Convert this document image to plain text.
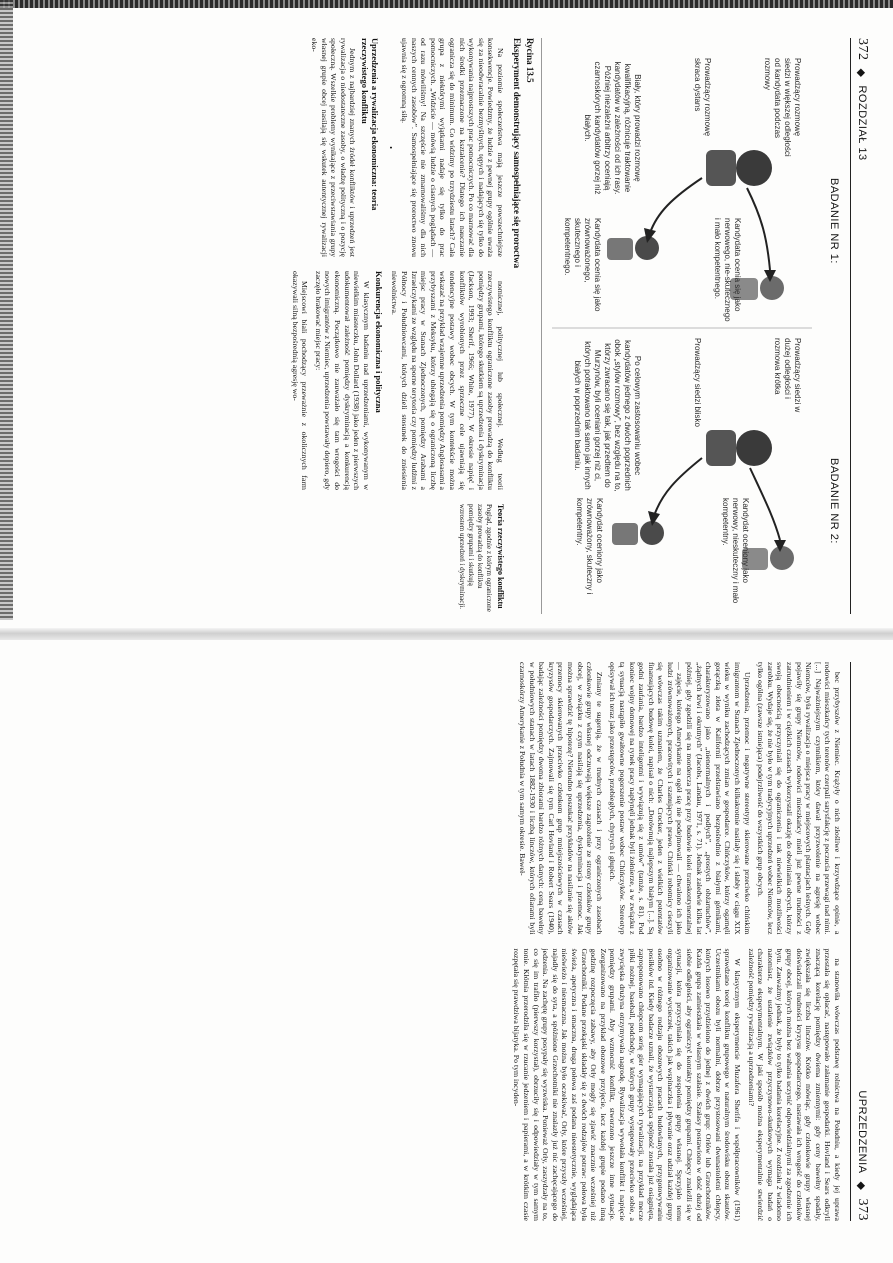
372
◆
ROZDZIAŁ 13
BADANIE NR 1:
BADANIE NR 2:
Prowadzący rozmowę siedzi w większej odległości od kandydata podczas rozmowy
Prowadzący rozmowę skraca dystans
Kandydata ocenia się jako nerwowego, nie-skutecznego i mało kompetentnego.
Kandydata ocenia się jako zrównoważonego, skutecznego i kompetentnego.
Biały, który prowadzi rozmowę kwalifikacyjną, różnicuje traktowanie kandydatów w zależności od ich rasy. Później niezależni arbitrzy oceniają czarnoskórych kandydatów gorzej niż białych.
Prowadzący siedzi w dużej odległości i rozmowa krótka
Prowadzący siedzi blisko
Kandydat oceniony jako nerwowy, nieskuteczny i mało kompetentny.
Kandydat oceniony jako zrównoważony, skuteczny i kompetentny.
Po celowym zastosowaniu wobec kandydatów jednego z dwóch poprzednich obok „stylów rozmowy”, bez względu na to, którzy zwracano się tak, jak przedtem do Murzynów, byli oceniani gorzej niż ci, których potraktowano tak samo jak innych białych w poprzednim badaniu.
Rycina 13.5
Eksperyment demonstrujący samospełniające się proroctwa

Na poziomie społeczeństwa mają jeszcze powszechniejsze konsekwencje. Powiedzmy, że ludzie z pewnej grupy ogólnie uważa się za nieodwracalnie bezmyślnych, tępych i nadających się tylko do wykonywania najprostszych prac pomocniczych. Po co marnować dla nich środki przeznaczone na kształcenie? Dlatego ich nauczanie ogranicza się do minimum. Co widzimy po trzydziestu latach? Cała grupa z niektórymi wyjątkami nadaje się tylko do prac pomocniczych. „Widzicie — mówią ludzie o ciasnych poglądach — od razu mówiliśmy! Na szczęście nie zmarnowaliśmy dla nich naszych cennych zasobów”. Samospełniające się proroctwo znowu ujawnia się z ogromną siłą.

•
Uprzedzenia a rywalizacja ekonomiczna: teoria rzeczywistego konfliktu

Jednym z najbardziej znanych źródeł konfliktów i uprzedzeń jest rywalizacja o niedostateczne zasoby, o władzę polityczną i o pozycję społeczną. Wszelkie problemy wynikające z przeciwstawiania grupy własnej grupie obcej nasilają się wskutek autentycznej rywalizacji eko-

nomicznej, politycznej lub społecznej. Według teorii rzeczywistego konfliktu ograniczone zasoby prowadzą do konfliktu pomiędzy grupami, którego skutkiem są uprzedzenia i dyskryminacja (Jackson, 1993; Sherif, 1966; White, 1977). W okresie napięć i konfliktów wyrobionych przez sprzeczne cele ujawniają się tendencyjne postawy wobec obcych. W tym kontekście można wskazać na przykład wzajemne uprzedzenia pomiędzy Anglosasami a przybyszami z Meksyku, którzy ubiegają się o ograniczoną liczbę miejsc pracy w Stanach Zjednoczonych, pomiędzy Arabami a Izraelczykami ze względu na sporne terytoria czy pomiędzy ludźmi z Północy i Południowcami, których dzieli stosunek do zniesienia niewolnictwa.

Konkurencja ekonomiczna i polityczna

W klasycznym badaniu nad uprzedzeniami, wykonywanym w niewielkim miasteczku, John Dollard (1938) jako jeden z pierwszych udokumentował zależność pomiędzy dyskryminacją a konkurencją ekonomiczną. Początkowo nie zauważało się tam wrogości do nowych imigrantów z Niemiec, uprzedzenia powstawały dopiero, gdy zaczęło brakować miejsc pracy:

Miejscowi biali pochodzący przeważnie z okolicznych farm okazywali silną bezpośrednią agresję wo-

Teoria rzeczywistego konfliktu
Pogląd, zgodnie z którym ograniczone zasoby prowadzą do konfliktu pomiędzy grupami i skutkują wzrostem uprzedzeń i dyskryminacji.
UPRZEDZENIA
◆
373

bec przybyszów z Niemiec. Krążyły o nich złośliwe i krzywdzące opinie, a rodowici mieszkańcy tych terenów czerpali satysfakcję z poczucia przewagi nad nimi. [...] Najważniejszym czynnikiem, który dawał przyzwolenie na agresję wobec Niemców, była rywalizacja o miejsca pracy w miejscowych plantacjach leśnych. Gdy pojawiły się grupy Niemców, rodowici mieszkańcy mieli już pewne trudności z zatrudnieniem i w ciężkich czasach wykorzystali okazję do obwiniania obcych, którzy swoją obecnością przyczyniali się do ograniczenia i tak niewielkich możliwości zarobku. Wydaje się, że nie było w tym tradycyjnych uprzedzeń wobec Niemców, lecz tylko ogólna (zawsze istniejąca) podejrzliwość do wszystkich grup obcych.

Uprzedzenia, przemoc i negatywne stereotypy skierowane przeciwko chińskim imigrantom w Stanach Zjednoczonych kilkakrotnie nasilały się i słabły w ciągu XIX wieku w wyniku zachodzących zmian w gospodarce. Chińczyków, którzy ogarnęli gorączką złota w Kalifornii przedstawiano bezpośrednio z białymi górnikami, charakteryzowano jako „nienormalnych i podłych”, „prostych obżartuchów”, „żądnych krwi i okrutnych” (Jacobs, Landau, 1971, s. 71). Jednak zaledwie kilka lat później, gdy zgodzili się na mordercza pracę przy budowie kolei transkontynentalnej — zajęcie, którego Amerykanie na ogół się nie podejmowali — chwalono ich jako ludzi zrównoważonych, pracowitych i szanujących prawo. Chiński robotnicy cieszyli się wówczas takim uznaniem, że Charles Crocker, jeden z wielkich potentatów finansujących budowę kolei, napisał o nich: „Dorównują najlepszym białym [...]. Są godni zaufania, bardzo inteligentni i wywiązują się z umów” (tamże, s. 81). Pod koniec wojny domowej na rynek pracy napłynęli jednak byli żołnierze, a w związku z tą sytuacją nastąpiło gwałtowne pogorszenie postaw wobec Chińczyków. Stereotyp opisywał ich teraz jako przestępców, przebiegłych, chytrych i głupich.

Zmiany te sugerują, że w trudnych czasach i przy ograniczonych zasobach członkowie grupy własnej odczuwają większe zagrożenie ze strony członków grupy obcej, w związku z czym nasilają się uprzedzenia, dyskryminacja i przemoc. Jak można sprawdzić tę hipotezę? Nietrudno poszukać przykładów na nasilanie się aktów przemocy skierowanych przeciwko członkom grup mniejszościowych w czasach kryzysów gospodarczych. Zajmowali się tym Carl Hovland i Robert Sears (1940), badając zależności pomiędzy dwoma zbiorami bardzo różnych danych: ceną bawełny w południowych stanach w latach 1882-1930 i liczbą linczów, których ofiarami byli czarnoskórzy Amerykanie z Południa w tym samym okresie. Baweł-

na stanowiła wówczas podstawę rolnictwa na Południu, a kiedy jej uprawa przestała się opłacać, następowało załamanie gospodarki. Hovland i Sears odkryli znaczącą korelację pomiędzy dwiema zmiennymi: gdy ceny bawełny spadały, zwiększała się liczba linczów. Krótko mówiąc, gdy członkowie grupy własnej doświadczali trudności kryzysu gospodarczego, nastawała ich wrogość do członków grupy obcej, których można bez wahania uczynić odpowiedzialnymi za zgodzenie ich bytu. Zauważmy jednak, że były to tylko badania korelacyjne. Z rozdziału 2 wiadomo natomiast, że ustalenie związków przyczynowo-skutkowych wymaga badań o charakterze eksperymentalnym. W jaki sposób można eksperymentalnie stwierdzić zależność pomiędzy rywalizacją a uprzedzeniami?

W klasycznym eksperymencie Muzafera Sherifa i współpracowników (1961) sprawdzano teorię konfliktu grupowego w naturalnym środowisku obozu skautów. Uczestnikami obozu byli normalni, dobrze przystosowani dwunastoletni chłopcy, których losowo przydzielono do jednej z dwóch grup: Orłów lub Grzechotników. Każda grupa zamieszkała w własnym szałasie. Szałasy postawiono w dość dużej od siebie odległości, aby ograniczyć kontakty pomiędzy grupami. Chłopcy znaleźli się w sytuacji, która przyczyniała się do zespolenia grupy własnej. Sprzyjało temu organizowanie wycieczek, takich jak wspinaczka i pływanie oraz udział każdej grupy osobno w różnego rodzaju obozowych pracach budowlanych, przygotowywaniu posiłków itd. Kiedy badacze uznali, że wystarczająca spójność została już osiągnięta, zaproponowano chłopcom serię gier wymagających rywalizacji, na przykład mecze piłki nożnej, baseball, podchody, w których grupy występowały przeciwko sobie, a zwycięska drużyna otrzymywała nagrodę. Rywalizacja wywołała konflikt i napięcie pomiędzy grupami. Aby wzmocnić konflikt, stworzono jeszcze inne sytuacje. Zorganizowano na przykład obozowe przyjęcie, lecz każdej grupie podano inną godzinę rozpoczęcia zabawy, aby Orły mogły się zjawić znacznie wcześniej niż Grzechotniki. Podane przekąski składały się z dwóch rodzajów potraw: połowa była świeża, apetyczna i smaczna, druga połowa zaś podana nieestetycznie, wyglądająca nieświeżo i niesmaczna. Jak można było oczekiwać, Orły, które przyszły wcześniej, najadły się do syta, a spóźnione Grzechotniki nie znalazły już nic zachęcającego do jedzenia. Na zachętę grupy posypały się wyzwiska. Ponieważ Orły, zaszydzały na to, co się im trafiło (pierwszy korzystał), obrzuciły się i odpowiedziały w tym samym tonie. Kłótnia przerodziła się w rzucanie jedzeniem i papierami, a w krótkim czasie rozpętała się prawdziwa bijatyka. Po tym incyden-
